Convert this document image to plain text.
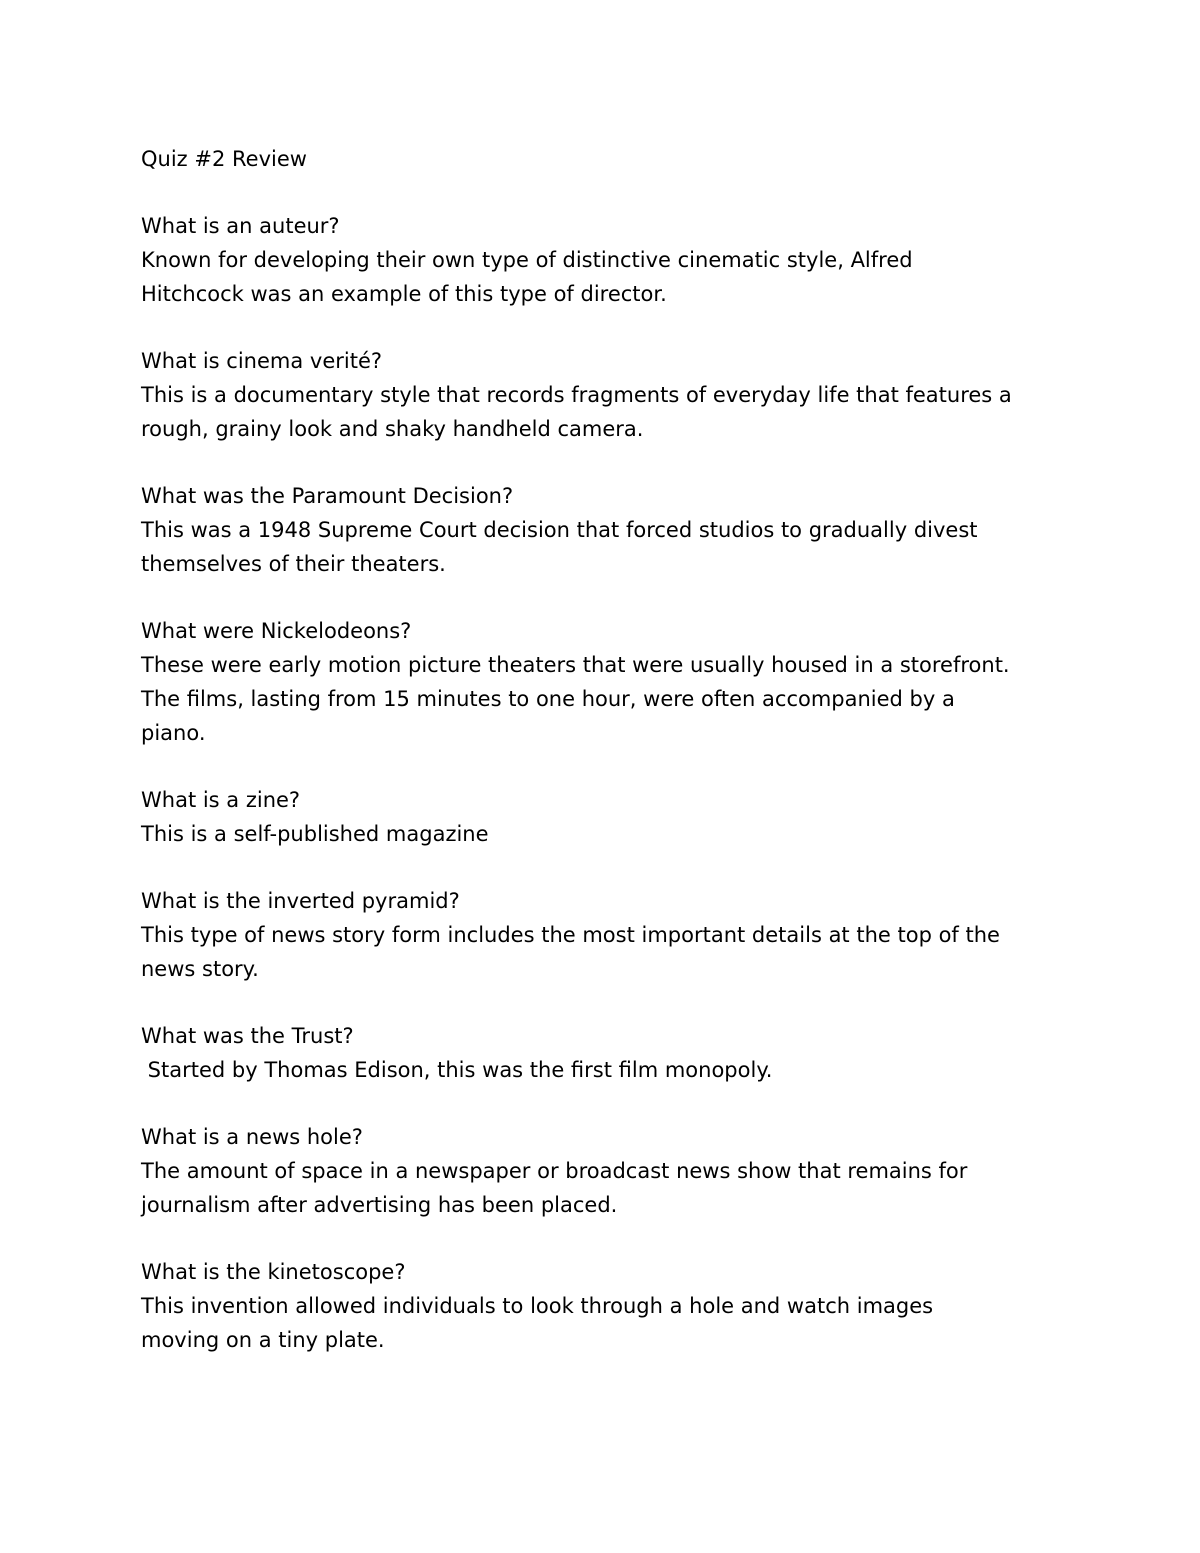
Quiz #2 Review

What is an auteur?

Known for developing their own type of distinctive cinematic style, Alfred

Hitchcock was an example of this type of director.

What is cinema verité?

This is a documentary style that records fragments of everyday life that features a

rough, grainy look and shaky handheld camera.

What was the Paramount Decision?

This was a 1948 Supreme Court decision that forced studios to gradually divest

themselves of their theaters.

What were Nickelodeons?

These were early motion picture theaters that were usually housed in a storefront.

The films, lasting from 15 minutes to one hour, were often accompanied by a

piano.

What is a zine?

This is a self-published magazine

What is the inverted pyramid?

This type of news story form includes the most important details at the top of the

news story.

What was the Trust?

Started by Thomas Edison, this was the first film monopoly.

What is a news hole?

The amount of space in a newspaper or broadcast news show that remains for

journalism after advertising has been placed.

What is the kinetoscope?

This invention allowed individuals to look through a hole and watch images

moving on a tiny plate.
